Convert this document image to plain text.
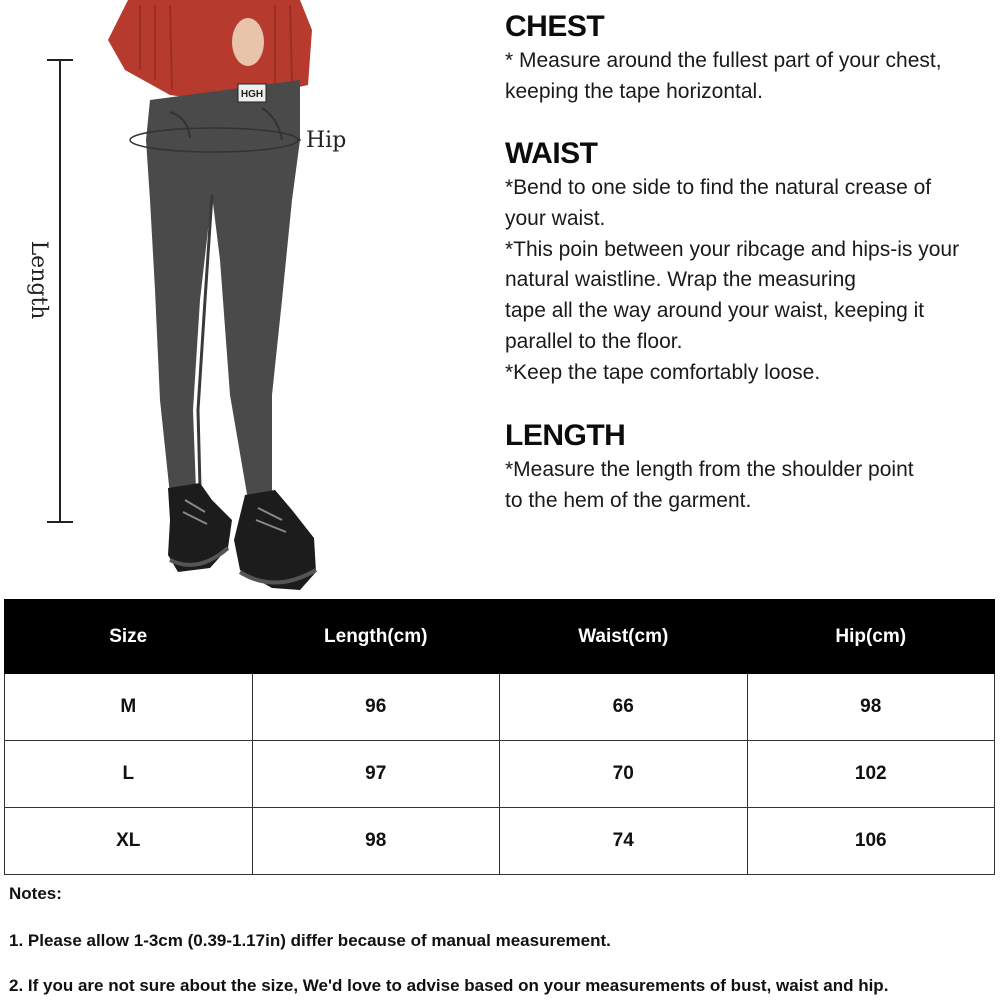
HGH
Hip
Length

CHEST

* Measure around the fullest part of your chest,

keeping the tape horizontal.

WAIST

*Bend to one side to find the natural crease of

your waist.

*This poin between your ribcage and hips-is your

natural waistline. Wrap the measuring

tape all the way around your waist, keeping it

parallel to the floor.

*Keep the tape comfortably loose.

LENGTH

*Measure the length from the shoulder point

to the hem of the garment.

Size	Length(cm)	Waist(cm)	Hip(cm)
M	96	66	98
L	97	70	102
XL	98	74	106

Notes:

1. Please allow 1-3cm (0.39-1.17in) differ because of manual measurement.

2. If you are not sure about the size, We'd love to advise based on your measurements of bust, waist and hip.
